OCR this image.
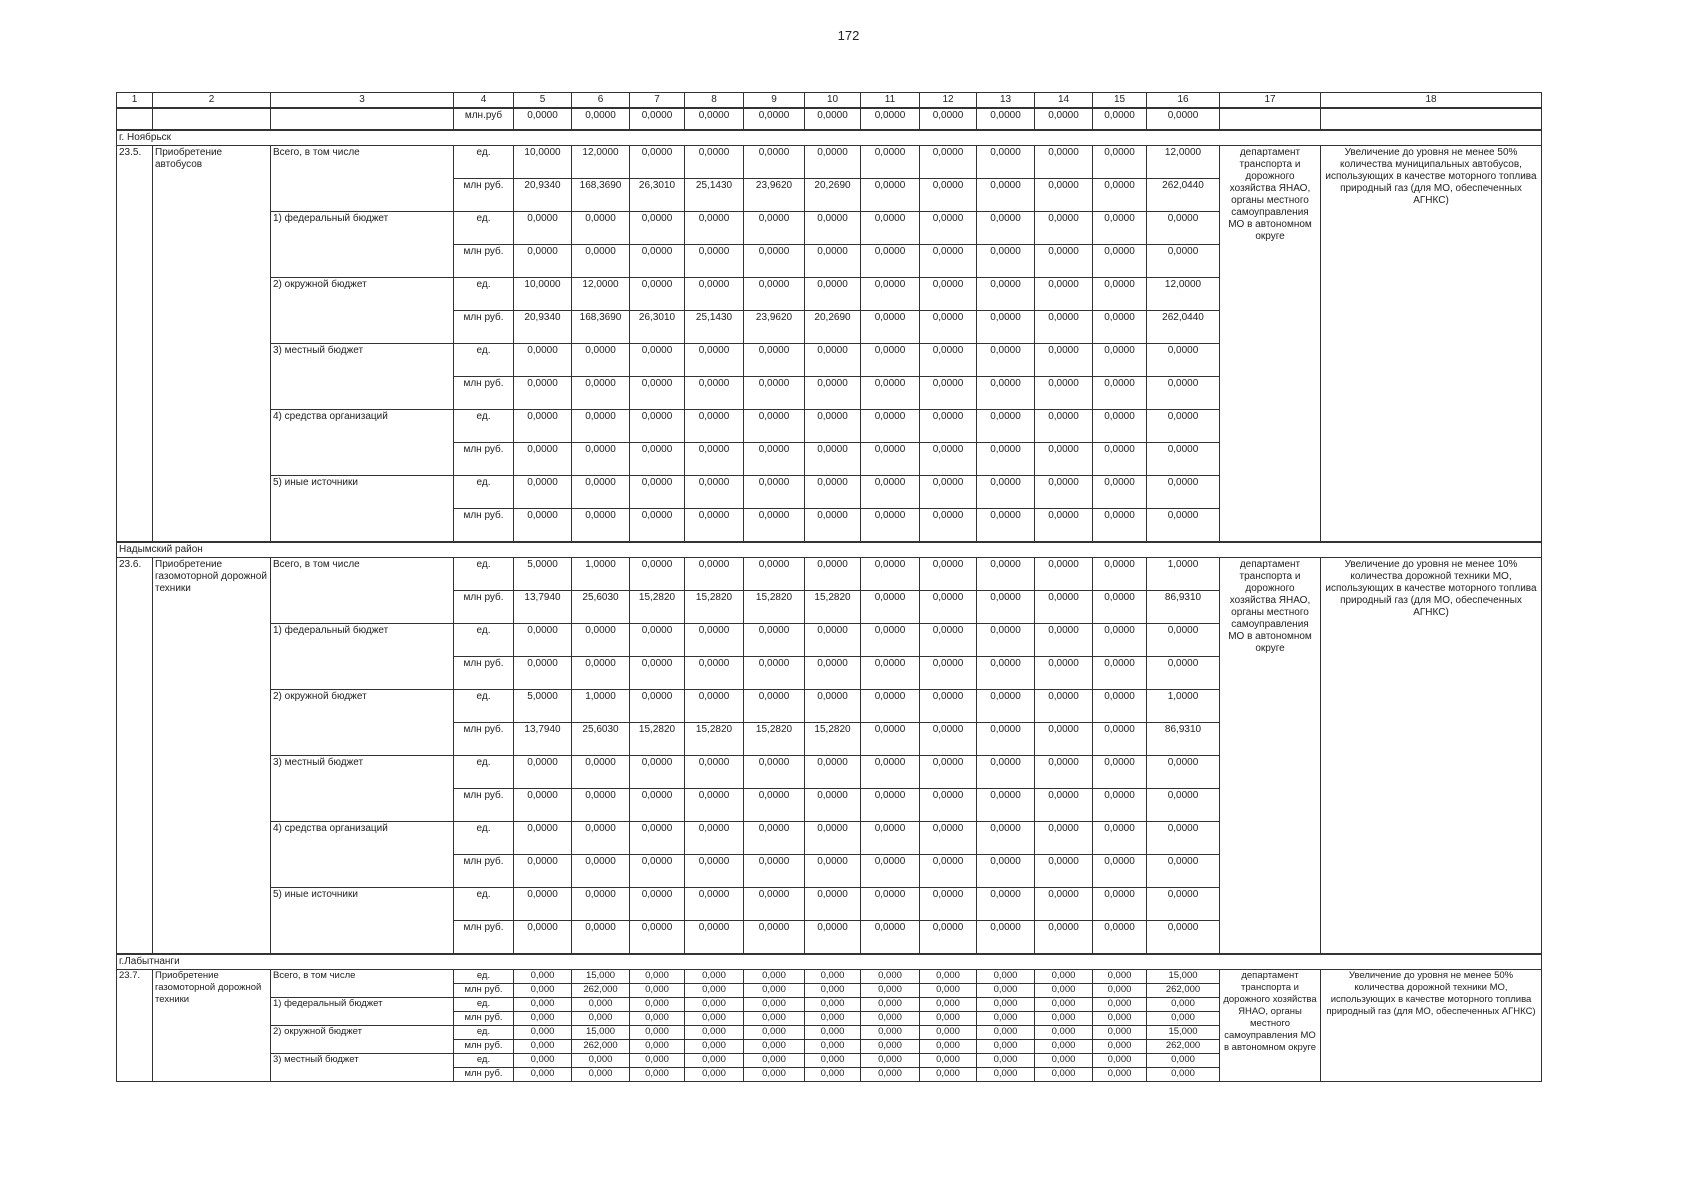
172
1	2	3	4	5	6	7	8	9	10	11	12	13	14	15	16	17	18
			млн.руб	0,0000	0,0000	0,0000	0,0000	0,0000	0,0000	0,0000	0,0000	0,0000	0,0000	0,0000	0,0000		
г. Ноябрьск																	
23.5.	Приобретение автобусов	Всего, в том числе	ед.	10,0000	12,0000	0,0000	0,0000	0,0000	0,0000	0,0000	0,0000	0,0000	0,0000	0,0000	12,0000	департамент транспорта и дорожного хозяйства ЯНАО, органы местного самоуправления МО в автономном округе	Увеличение до уровня не менее 50% количества муниципальных автобусов, использующих в качестве моторного топлива природный газ (для МО, обеспеченных АГНКС)
			млн руб.	20,9340	168,3690	26,3010	25,1430	23,9620	20,2690	0,0000	0,0000	0,0000	0,0000	0,0000	262,0440		
		1) федеральный бюджет	ед.	0,0000	0,0000	0,0000	0,0000	0,0000	0,0000	0,0000	0,0000	0,0000	0,0000	0,0000	0,0000		
			млн руб.	0,0000	0,0000	0,0000	0,0000	0,0000	0,0000	0,0000	0,0000	0,0000	0,0000	0,0000	0,0000		
		2) окружной бюджет	ед.	10,0000	12,0000	0,0000	0,0000	0,0000	0,0000	0,0000	0,0000	0,0000	0,0000	0,0000	12,0000		
			млн руб.	20,9340	168,3690	26,3010	25,1430	23,9620	20,2690	0,0000	0,0000	0,0000	0,0000	0,0000	262,0440		
		3) местный бюджет	ед.	0,0000	0,0000	0,0000	0,0000	0,0000	0,0000	0,0000	0,0000	0,0000	0,0000	0,0000	0,0000		
			млн руб.	0,0000	0,0000	0,0000	0,0000	0,0000	0,0000	0,0000	0,0000	0,0000	0,0000	0,0000	0,0000		
		4) средства организаций	ед.	0,0000	0,0000	0,0000	0,0000	0,0000	0,0000	0,0000	0,0000	0,0000	0,0000	0,0000	0,0000		
			млн руб.	0,0000	0,0000	0,0000	0,0000	0,0000	0,0000	0,0000	0,0000	0,0000	0,0000	0,0000	0,0000		
		5) иные источники	ед.	0,0000	0,0000	0,0000	0,0000	0,0000	0,0000	0,0000	0,0000	0,0000	0,0000	0,0000	0,0000		
			млн руб.	0,0000	0,0000	0,0000	0,0000	0,0000	0,0000	0,0000	0,0000	0,0000	0,0000	0,0000	0,0000		
Надымский район																	
23.6.	Приобретение газомоторной дорожной техники	Всего, в том числе	ед.	5,0000	1,0000	0,0000	0,0000	0,0000	0,0000	0,0000	0,0000	0,0000	0,0000	0,0000	1,0000	департамент транспорта и дорожного хозяйства ЯНАО, органы местного самоуправления МО в автономном округе	Увеличение до уровня не менее 10% количества дорожной техники МО, использующих в качестве моторного топлива природный газ (для МО, обеспеченных АГНКС)
			млн руб.	13,7940	25,6030	15,2820	15,2820	15,2820	15,2820	0,0000	0,0000	0,0000	0,0000	0,0000	86,9310		
		1) федеральный бюджет	ед.	0,0000	0,0000	0,0000	0,0000	0,0000	0,0000	0,0000	0,0000	0,0000	0,0000	0,0000	0,0000		
			млн руб.	0,0000	0,0000	0,0000	0,0000	0,0000	0,0000	0,0000	0,0000	0,0000	0,0000	0,0000	0,0000		
		2) окружной бюджет	ед.	5,0000	1,0000	0,0000	0,0000	0,0000	0,0000	0,0000	0,0000	0,0000	0,0000	0,0000	1,0000		
			млн руб.	13,7940	25,6030	15,2820	15,2820	15,2820	15,2820	0,0000	0,0000	0,0000	0,0000	0,0000	86,9310		
		3) местный бюджет	ед.	0,0000	0,0000	0,0000	0,0000	0,0000	0,0000	0,0000	0,0000	0,0000	0,0000	0,0000	0,0000		
			млн руб.	0,0000	0,0000	0,0000	0,0000	0,0000	0,0000	0,0000	0,0000	0,0000	0,0000	0,0000	0,0000		
		4) средства организаций	ед.	0,0000	0,0000	0,0000	0,0000	0,0000	0,0000	0,0000	0,0000	0,0000	0,0000	0,0000	0,0000		
			млн руб.	0,0000	0,0000	0,0000	0,0000	0,0000	0,0000	0,0000	0,0000	0,0000	0,0000	0,0000	0,0000		
		5) иные источники	ед.	0,0000	0,0000	0,0000	0,0000	0,0000	0,0000	0,0000	0,0000	0,0000	0,0000	0,0000	0,0000		
			млн руб.	0,0000	0,0000	0,0000	0,0000	0,0000	0,0000	0,0000	0,0000	0,0000	0,0000	0,0000	0,0000		
г.Лабытнанги																	
23.7.	Приобретение газомоторной дорожной техники	Всего, в том числе	ед.	0,000	15,000	0,000	0,000	0,000	0,000	0,000	0,000	0,000	0,000	0,000	15,000	департамент транспорта и дорожного хозяйства ЯНАО, органы местного самоуправления МО в автономном округе	Увеличение до уровня не менее 50% количества дорожной техники МО, использующих в качестве моторного топлива природный газ (для МО, обеспеченных АГНКС)
			млн руб.	0,000	262,000	0,000	0,000	0,000	0,000	0,000	0,000	0,000	0,000	0,000	262,000		
		1) федеральный бюджет	ед.	0,000	0,000	0,000	0,000	0,000	0,000	0,000	0,000	0,000	0,000	0,000	0,000		
			млн руб.	0,000	0,000	0,000	0,000	0,000	0,000	0,000	0,000	0,000	0,000	0,000	0,000		
		2) окружной бюджет	ед.	0,000	15,000	0,000	0,000	0,000	0,000	0,000	0,000	0,000	0,000	0,000	15,000		
			млн руб.	0,000	262,000	0,000	0,000	0,000	0,000	0,000	0,000	0,000	0,000	0,000	262,000		
		3) местный бюджет	ед.	0,000	0,000	0,000	0,000	0,000	0,000	0,000	0,000	0,000	0,000	0,000	0,000		
			млн руб.	0,000	0,000	0,000	0,000	0,000	0,000	0,000	0,000	0,000	0,000	0,000	0,000		
